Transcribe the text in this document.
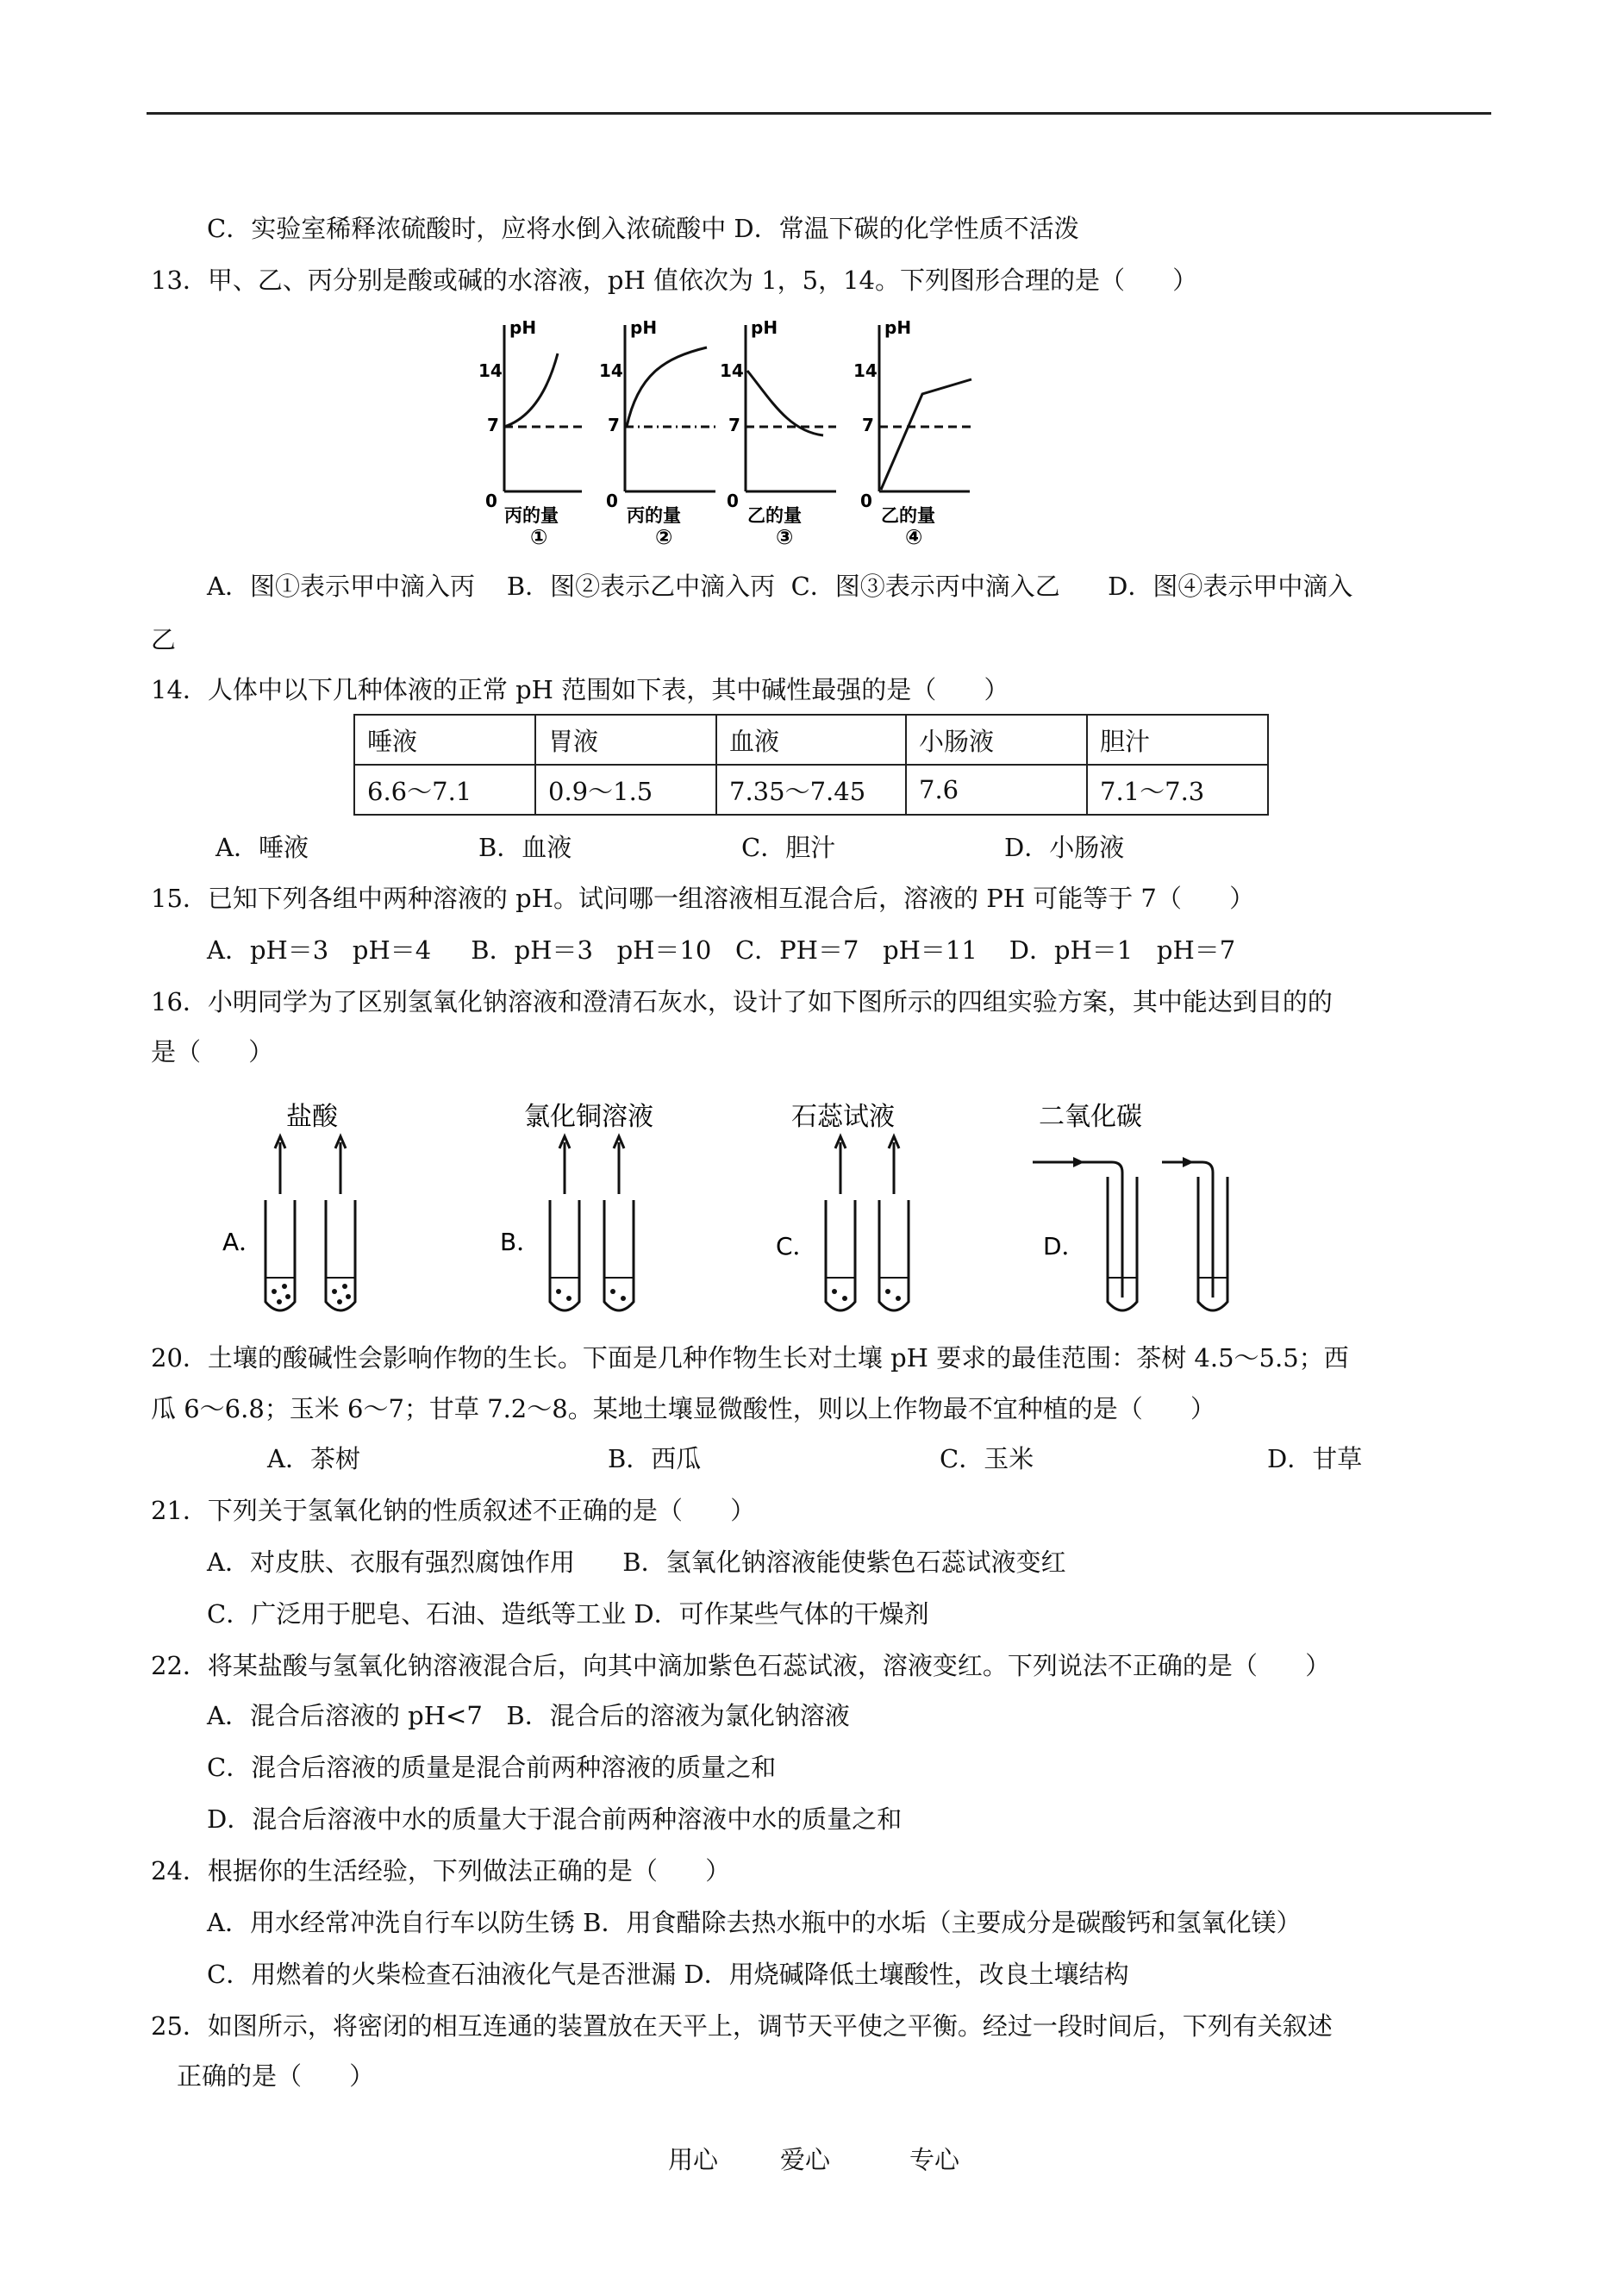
C．实验室稀释浓硫酸时，应将水倒入浓硫酸中 D．常温下碳的化学性质不活泼
13．甲、乙、丙分别是酸或碱的水溶液，pH 值依次为 1，5，14。下列图形合理的是（      ）
pH
14
7
0
丙的量
①
pH
14
7
0
丙的量
②
pH
14
7
0
乙的量
③
pH
14
7
0
乙的量
④
A．图①表示甲中滴入丙    B．图②表示乙中滴入丙  C．图③表示丙中滴入乙      D．图④表示甲中滴入
乙
14．人体中以下几种体液的正常 pH 范围如下表，其中碱性最强的是（      ）
唾液	胃液	血液	小肠液	胆汁
6.6～7.1	0.9～1.5	7.35～7.45	7.6	7.1～7.3
A．唾液	B．血液	C．胆汁	D．小肠液
15．已知下列各组中两种溶液的 pH。试问哪一组溶液相互混合后，溶液的 PH 可能等于 7（      ）
A．pH＝3   pH＝4     B．pH＝3   pH＝10   C．PH＝7   pH＝11    D．pH＝1   pH＝7
16．小明同学为了区别氢氧化钠溶液和澄清石灰水，设计了如下图所示的四组实验方案，其中能达到目的的
是（      ）
盐酸
A．
氯化铜溶液
B．
石蕊试液
C．
二氧化碳
D．
20．土壤的酸碱性会影响作物的生长。下面是几种作物生长对土壤 pH 要求的最佳范围：茶树 4.5～5.5；西
瓜 6～6.8；玉米 6～7；甘草 7.2～8。某地土壤显微酸性，则以上作物最不宜种植的是（      ）
A．茶树	B．西瓜	C．玉米	D．甘草
21．下列关于氢氧化钠的性质叙述不正确的是（      ）
A．对皮肤、衣服有强烈腐蚀作用      B．氢氧化钠溶液能使紫色石蕊试液变红
C．广泛用于肥皂、石油、造纸等工业 D．可作某些气体的干燥剂
22．将某盐酸与氢氧化钠溶液混合后，向其中滴加紫色石蕊试液，溶液变红。下列说法不正确的是（      ）
A．混合后溶液的 pH<7   B．混合后的溶液为氯化钠溶液
C．混合后溶液的质量是混合前两种溶液的质量之和
D．混合后溶液中水的质量大于混合前两种溶液中水的质量之和
24．根据你的生活经验，下列做法正确的是（      ）
A．用水经常冲洗自行车以防生锈 B．用食醋除去热水瓶中的水垢（主要成分是碳酸钙和氢氧化镁）
C．用燃着的火柴检查石油液化气是否泄漏 D．用烧碱降低土壤酸性，改良土壤结构
25．如图所示，将密闭的相互连通的装置放在天平上，调节天平使之平衡。经过一段时间后，下列有关叙述
正确的是（      ）
用心 爱心	专心
